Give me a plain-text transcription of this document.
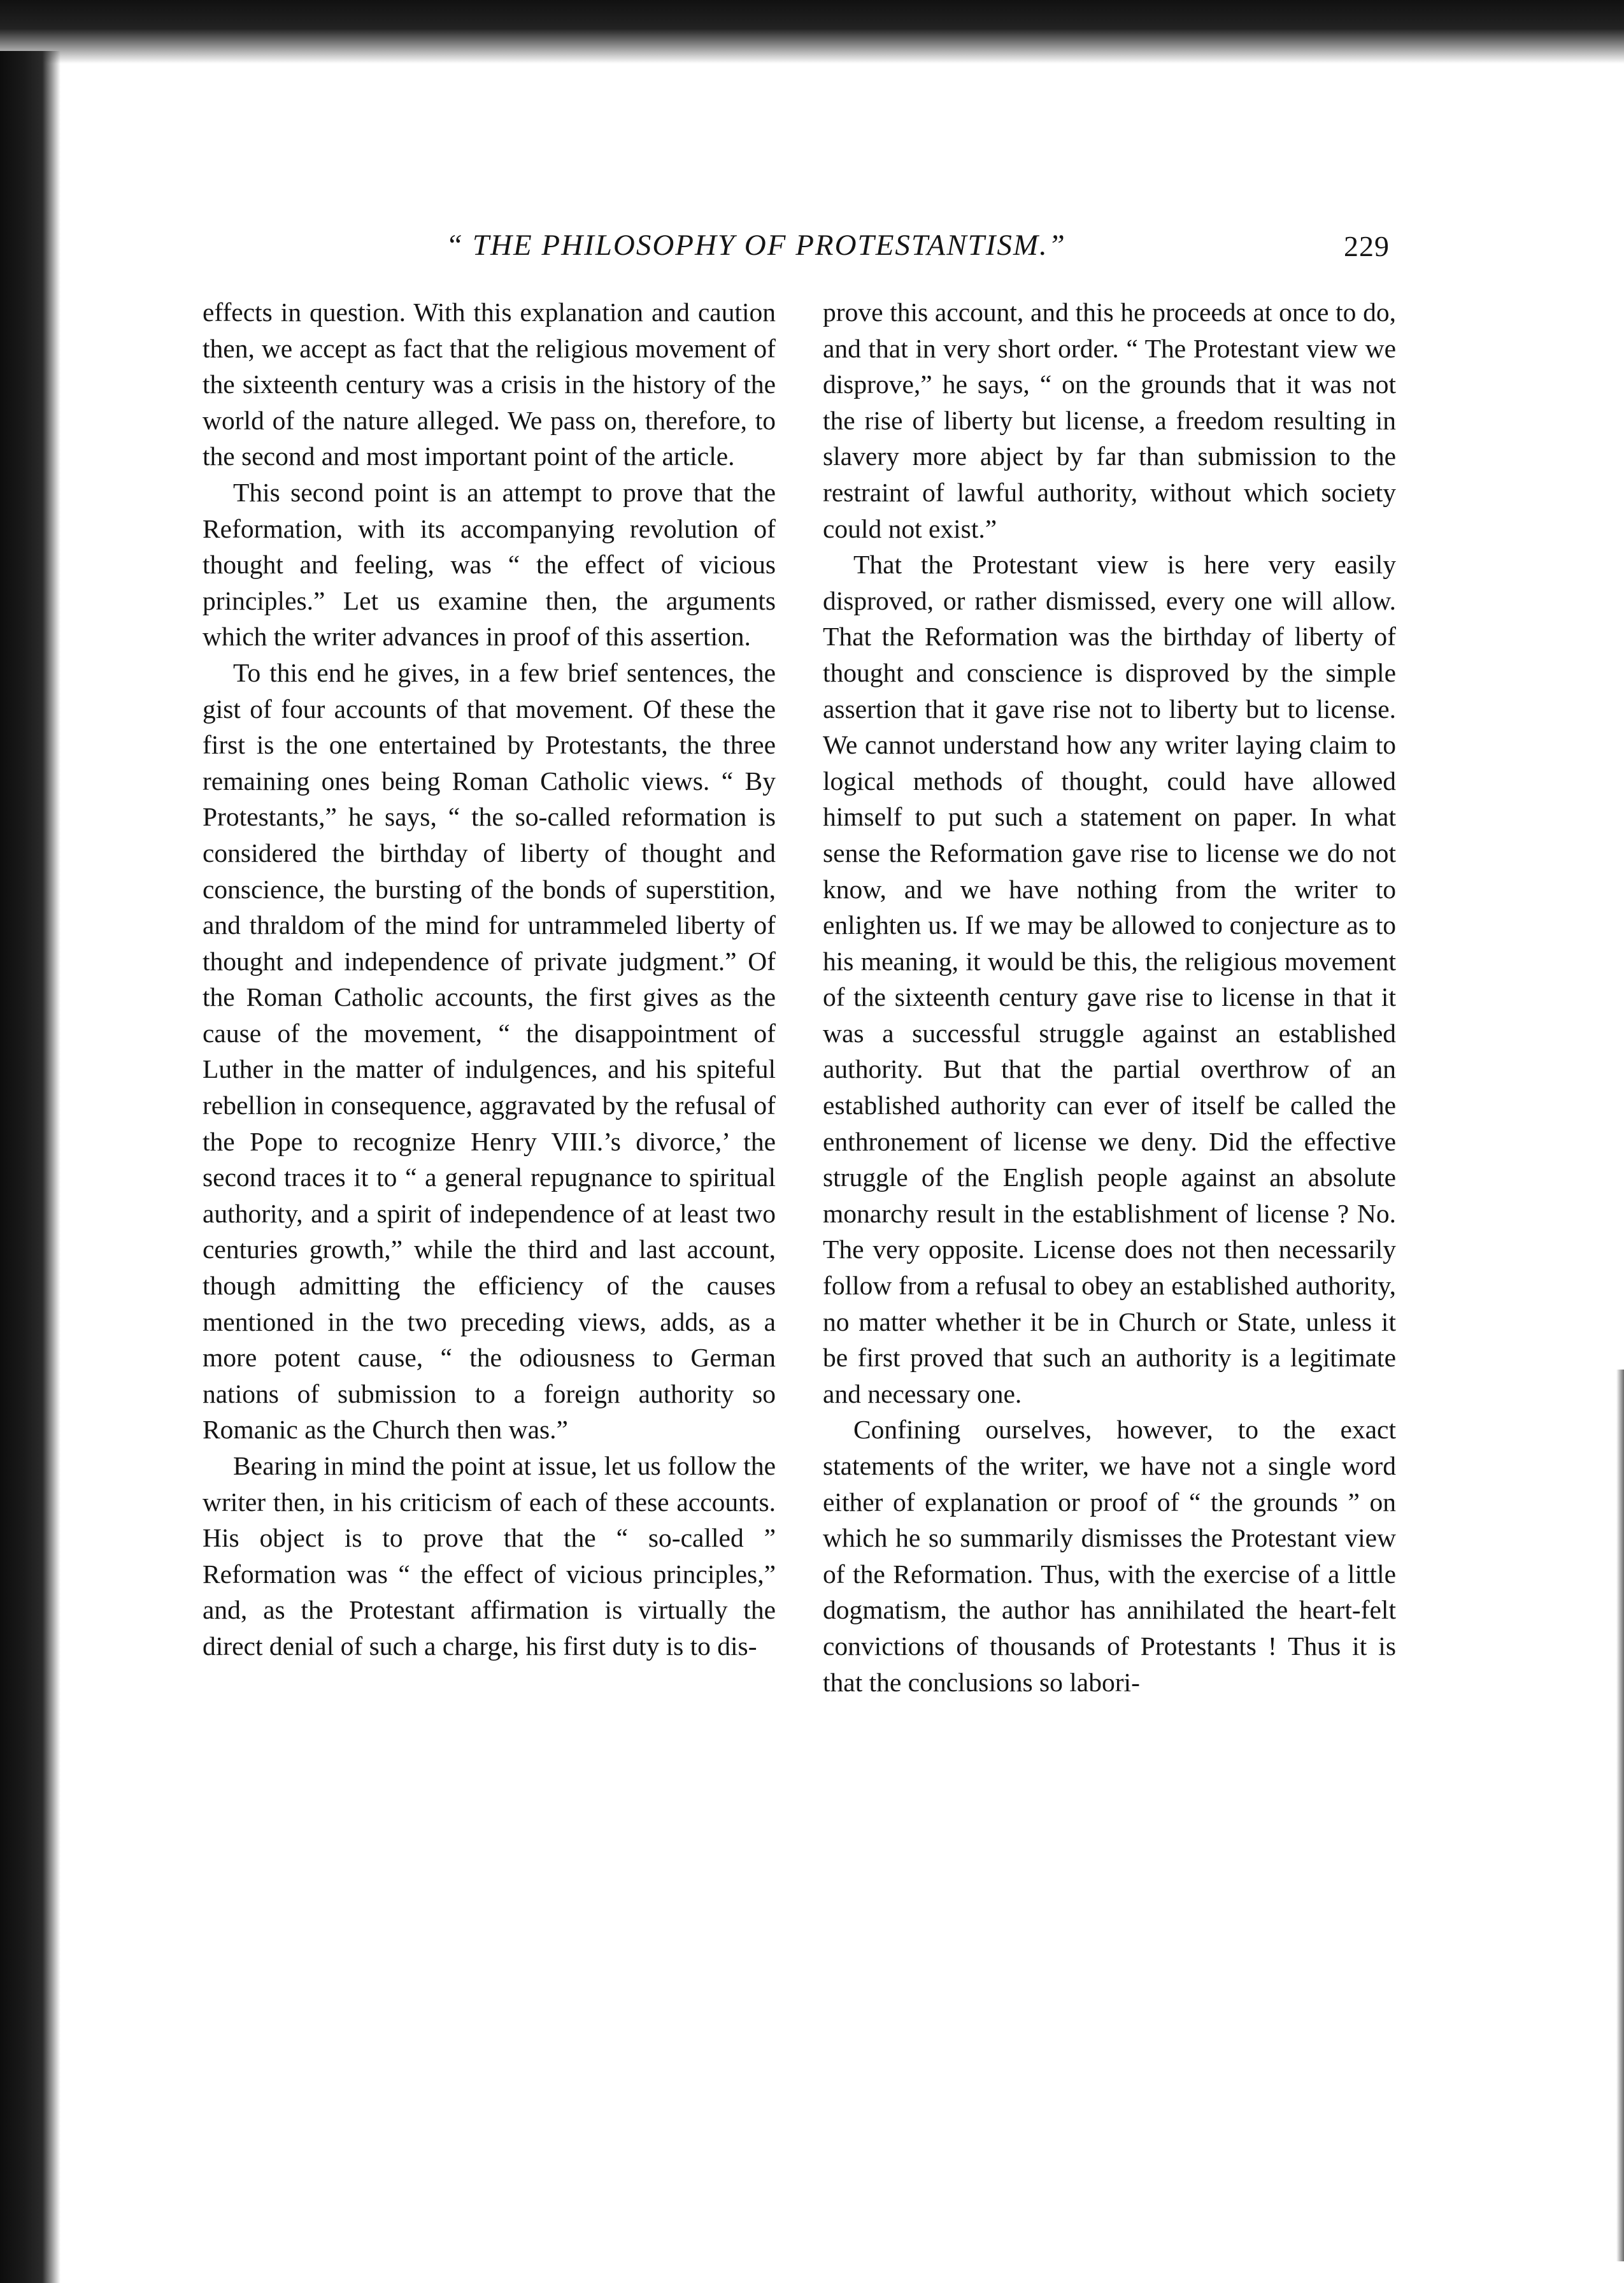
“ THE PHILOSOPHY OF PROTESTANTISM.”	229

effects in question. With this explanation and caution then, we accept as fact that the religious movement of the sixteenth century was a crisis in the history of the world of the nature alleged. We pass on, therefore, to the second and most important point of the article.

This second point is an attempt to prove that the Reformation, with its accompanying revolution of thought and feeling, was “ the effect of vicious principles.” Let us examine then, the arguments which the writer advances in proof of this assertion.

To this end he gives, in a few brief sentences, the gist of four accounts of that movement. Of these the first is the one entertained by Protestants, the three remaining ones being Roman Catholic views. “ By Protestants,” he says, “ the so-called reformation is considered the birthday of liberty of thought and conscience, the bursting of the bonds of superstition, and thraldom of the mind for untrammeled liberty of thought and independence of private judgment.” Of the Roman Catholic accounts, the first gives as the cause of the movement, “ the disappointment of Luther in the matter of indulgences, and his spiteful rebellion in consequence, aggravated by the refusal of the Pope to recognize Henry VIII.’s divorce,’ the second traces it to “ a general repugnance to spiritual authority, and a spirit of independence of at least two centuries growth,” while the third and last account, though admitting the efficiency of the causes mentioned in the two preceding views, adds, as a more potent cause, “ the odiousness to German nations of submission to a foreign authority so Romanic as the Church then was.”

Bearing in mind the point at issue, let us follow the writer then, in his criticism of each of these accounts. His object is to prove that the “ so-called ” Reformation was “ the effect of vicious principles,” and, as the Protestant affirmation is virtually the direct denial of such a charge, his first duty is to dis-

prove this account, and this he proceeds at once to do, and that in very short order. “ The Protestant view we disprove,” he says, “ on the grounds that it was not the rise of liberty but license, a freedom resulting in slavery more abject by far than submission to the restraint of lawful authority, without which society could not exist.”

That the Protestant view is here very easily disproved, or rather dismissed, every one will allow. That the Reformation was the birthday of liberty of thought and conscience is disproved by the simple assertion that it gave rise not to liberty but to license. We cannot understand how any writer laying claim to logical methods of thought, could have allowed himself to put such a statement on paper. In what sense the Reformation gave rise to license we do not know, and we have nothing from the writer to enlighten us. If we may be allowed to conjecture as to his meaning, it would be this, the religious movement of the sixteenth century gave rise to license in that it was a successful struggle against an established authority. But that the partial overthrow of an established authority can ever of itself be called the enthronement of license we deny. Did the effective struggle of the English people against an absolute monarchy result in the establishment of license ? No. The very opposite. License does not then necessarily follow from a refusal to obey an established authority, no matter whether it be in Church or State, unless it be first proved that such an authority is a legitimate and necessary one.

Confining ourselves, however, to the exact statements of the writer, we have not a single word either of explanation or proof of “ the grounds ” on which he so summarily dismisses the Protestant view of the Reformation. Thus, with the exercise of a little dogmatism, the author has annihilated the heart-felt convictions of thousands of Protestants ! Thus it is that the conclusions so labori-
